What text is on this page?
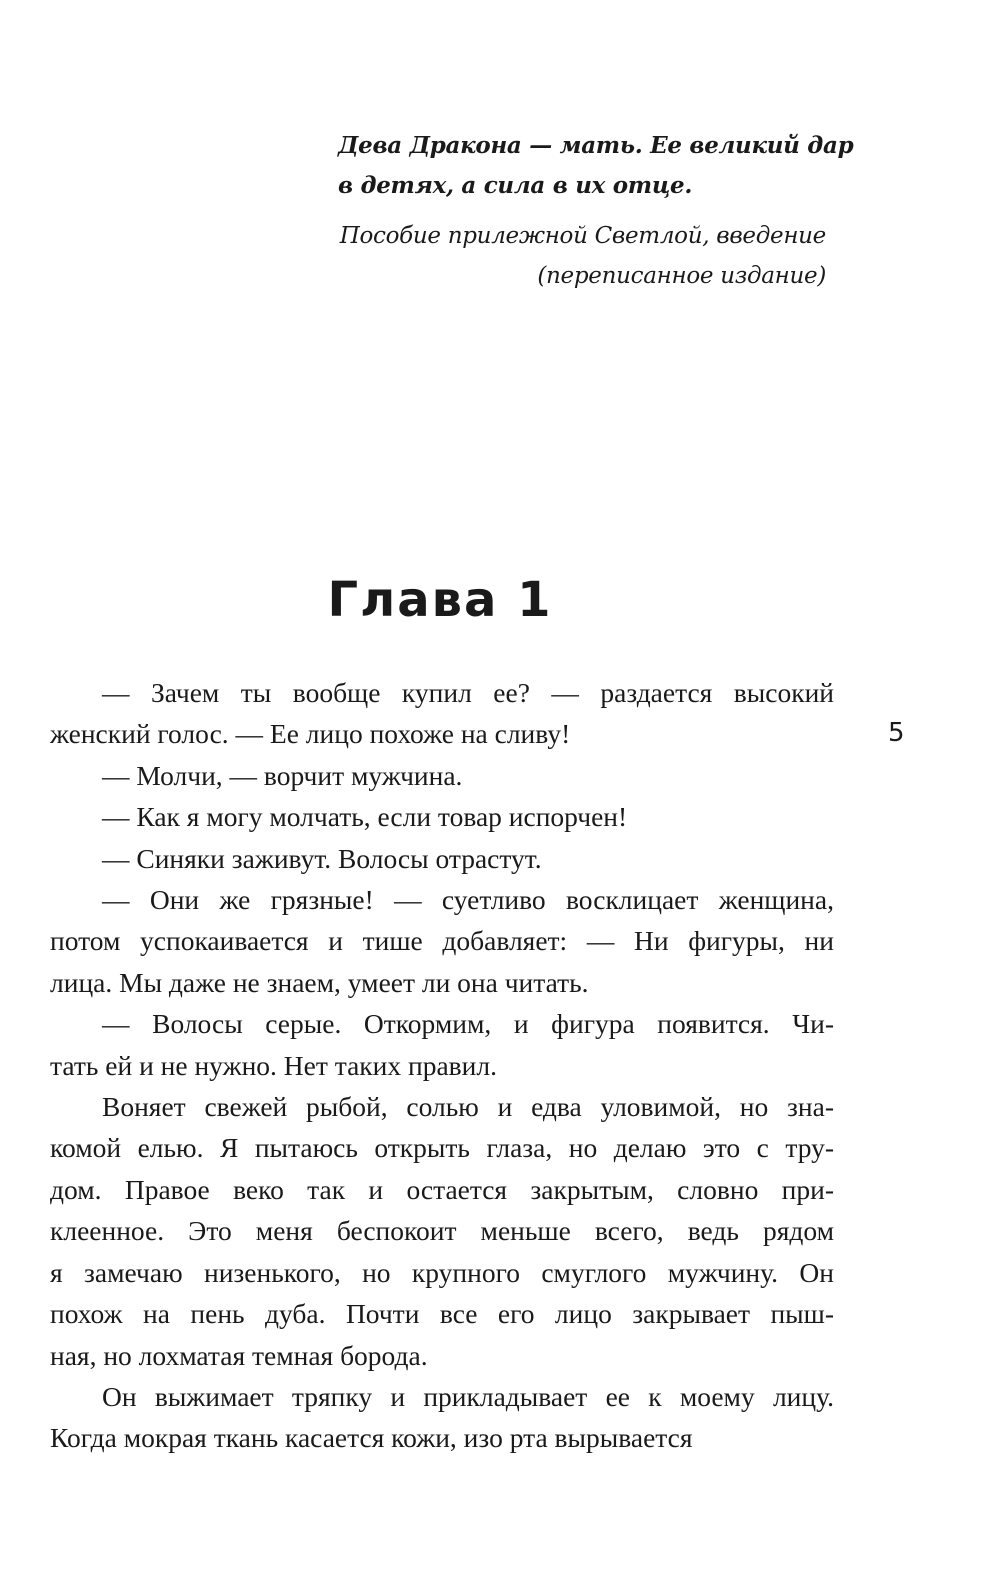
Дева Дракона — мать. Ее великий дар
в детях, а сила в их отце.

Пособие прилежной Светлой, введение
(переписанное издание)

Глава 1
5

— Зачем ты вообще купил ее? — раздается высокий
женский голос. — Ее лицо похоже на сливу!

— Молчи, — ворчит мужчина.

— Как я могу молчать, если товар испорчен!

— Синяки заживут. Волосы отрастут.

— Они же грязные! — суетливо восклицает женщина,
потом успокаивается и тише добавляет: — Ни фигуры, ни
лица. Мы даже не знаем, умеет ли она читать.

— Волосы серые. Откормим, и фигура появится. Чи-
тать ей и не нужно. Нет таких правил.

Воняет свежей рыбой, солью и едва уловимой, но зна-
комой елью. Я пытаюсь открыть глаза, но делаю это с тру-
дом. Правое веко так и остается закрытым, словно при-
клеенное. Это меня беспокоит меньше всего, ведь рядом
я замечаю низенького, но крупного смуглого мужчину. Он
похож на пень дуба. Почти все его лицо закрывает пыш-
ная, но лохматая темная борода.

Он выжимает тряпку и прикладывает ее к моему лицу.
Когда мокрая ткань касается кожи, изо рта вырывается
